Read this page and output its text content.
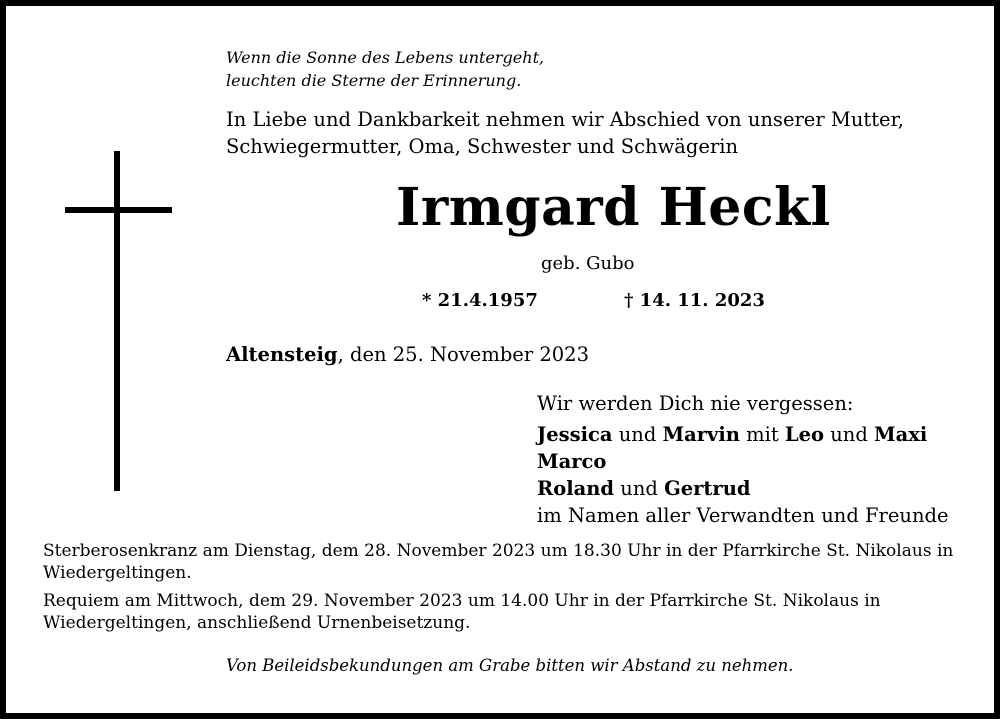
Wenn die Sonne des Lebens untergeht,
leuchten die Sterne der Erinnerung.
In Liebe und Dankbarkeit nehmen wir Abschied von unserer Mutter,
Schwiegermutter, Oma, Schwester und Schwägerin
Irmgard Heckl
geb. Gubo
* 21.4.1957	† 14. 11. 2023
Altensteig, den 25. November 2023
Wir werden Dich nie vergessen:
Jessica und Marvin mit Leo und Maxi
Marco
Roland und Gertrud
im Namen aller Verwandten und Freunde
Sterberosenkranz am Dienstag, dem 28. November 2023 um 18.30 Uhr in der Pfarrkirche St. Nikolaus in
Wiedergeltingen.
Requiem am Mittwoch, dem 29. November 2023 um 14.00 Uhr in der Pfarrkirche St. Nikolaus in
Wiedergeltingen, anschließend Urnenbeisetzung.
Von Beileidsbekundungen am Grabe bitten wir Abstand zu nehmen.
